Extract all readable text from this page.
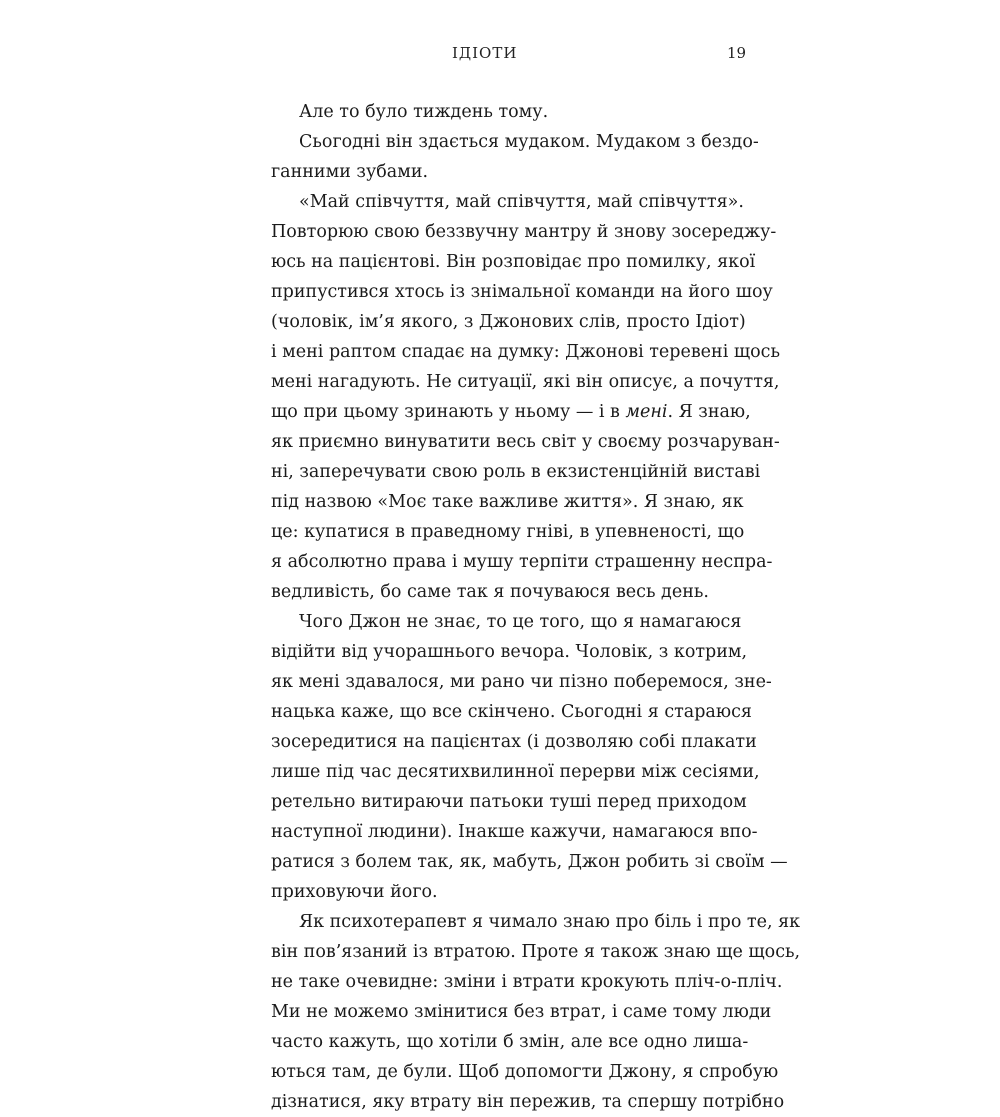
ІДІОТИ	19
Але то було тиждень тому.
Сьогодні він здається мудаком. Мудаком з бездо-
ганними зубами.
«Май співчуття, май співчуття, май співчуття».
Повторюю свою беззвучну мантру й знову зосереджу-
юсь на пацієнтові. Він розповідає про помилку, якої
припустився хтось із знімальної команди на його шоу
(чоловік, ім’я якого, з Джонових слів, просто Ідіот)
і мені раптом спадає на думку: Джонові теревені щось
мені нагадують. Не ситуації, які він описує, а почуття,
що при цьому зринають у ньому — і в мені. Я знаю,
як приємно винуватити весь світ у своєму розчаруван-
ні, заперечувати свою роль в екзистенційній виставі
під назвою «Моє таке важливе життя». Я знаю, як
це: купатися в праведному гніві, в упевненості, що
я абсолютно права і мушу терпіти страшенну неспра-
ведливість, бо саме так я почуваюся весь день.
Чого Джон не знає, то це того, що я намагаюся
відійти від учорашнього вечора. Чоловік, з котрим,
як мені здавалося, ми рано чи пізно поберемося, зне-
нацька каже, що все скінчено. Сьогодні я стараюся
зосередитися на пацієнтах (і дозволяю собі плакати
лише під час десятихвилинної перерви між сесіями,
ретельно витираючи патьоки туші перед приходом
наступної людини). Інакше кажучи, намагаюся впо-
ратися з болем так, як, мабуть, Джон робить зі своїм —
приховуючи його.
Як психотерапевт я чимало знаю про біль і про те, як
він пов’язаний із втратою. Проте я також знаю ще щось,
не таке очевидне: зміни і втрати крокують пліч-о-пліч.
Ми не можемо змінитися без втрат, і саме тому люди
часто кажуть, що хотіли б змін, але все одно лиша-
ються там, де були. Щоб допомогти Джону, я спробую
дізнатися, яку втрату він пережив, та спершу потрібно
